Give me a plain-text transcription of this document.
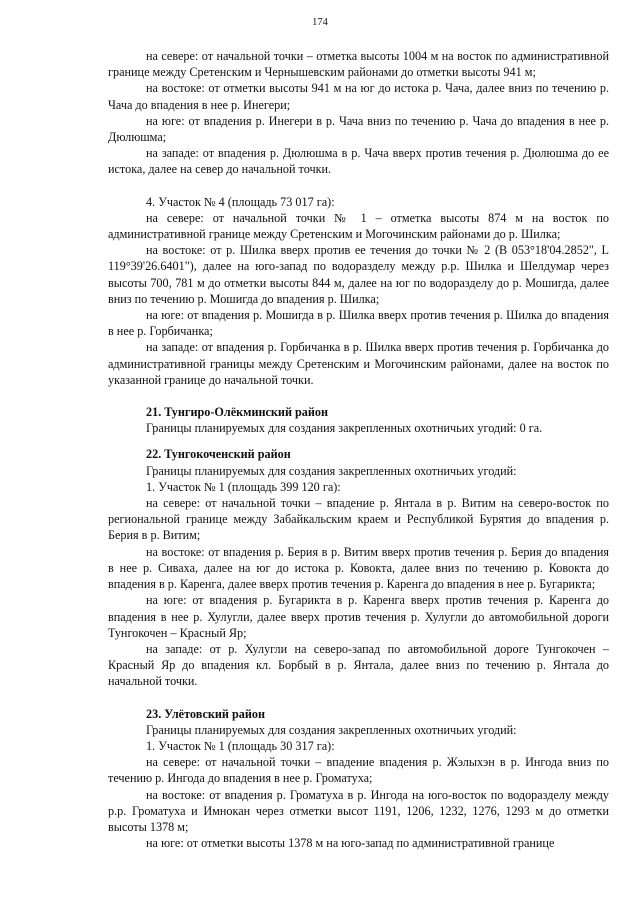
174

на севере: от начальной точки – отметка высоты 1004 м на восток по административной границе между Сретенским и Чернышевским районами до отметки высоты 941 м;

на востоке: от отметки высоты 941 м на юг до истока р. Чача, далее вниз по течению р. Чача до впадения в нее р. Инегери;

на юге: от впадения р. Инегери в р. Чача вниз по течению р. Чача до впадения в нее р. Дюлюшма;

на западе: от впадения р. Дюлюшма в р. Чача вверх против течения р. Дюлюшма до ее истока, далее на север до начальной точки.

4. Участок № 4 (площадь 73 017 га):

на севере: от начальной точки № 1 – отметка высоты 874 м на восток по административной границе между Сретенским и Могочинским районами до р. Шилка;

на востоке: от р. Шилка вверх против ее течения до точки № 2 (B 053°18'04.2852", L 119°39'26.6401"), далее на юго-запад по водоразделу между р.р. Шилка и Шелдумар через высоты 700, 781 м до отметки высоты 844 м, далее на юг по водоразделу до р. Мошигда, далее вниз по течению р. Мошигда до впадения р. Шилка;

на юге: от впадения р. Мошигда в р. Шилка вверх против течения р. Шилка до впадения в нее р. Горбичанка;

на западе: от впадения р. Горбичанка в р. Шилка вверх против течения р. Горбичанка до административной границы между Сретенским и Могочинским районами, далее на восток по указанной границе до начальной точки.

21. Тунгиро-Олёкминский район

Границы планируемых для создания закрепленных охотничьих угодий: 0 га.

22. Тунгокоченский район

Границы планируемых для создания закрепленных охотничьих угодий:

1. Участок № 1 (площадь 399 120 га):

на севере: от начальной точки – впадение р. Янтала в р. Витим на северо-восток по региональной границе между Забайкальским краем и Республикой Бурятия до впадения р. Берия в р. Витим;

на востоке: от впадения р. Берия в р. Витим вверх против течения р. Берия до впадения в нее р. Сиваха, далее на юг до истока р. Ковокта, далее вниз по течению р. Ковокта до впадения в р. Каренга, далее вверх против течения р. Каренга до впадения в нее р. Бугарикта;

на юге: от впадения р. Бугарикта в р. Каренга вверх против течения р. Каренга до впадения в нее р. Хулугли, далее вверх против течения р. Хулугли до автомобильной дороги Тунгокочен – Красный Яр;

на западе: от р. Хулугли на северо-запад по автомобильной дороге Тунгокочен – Красный Яр до впадения кл. Борбый в р. Янтала, далее вниз по течению р. Янтала до начальной точки.

23. Улётовский район

Границы планируемых для создания закрепленных охотничьих угодий:

1. Участок № 1 (площадь 30 317 га):

на севере: от начальной точки – впадение впадения р. Жэлыхэн в р. Ингода вниз по течению р. Ингода до впадения в нее р. Громатуха;

на востоке: от впадения р. Громатуха в р. Ингода на юго-восток по водоразделу между р.р. Громатуха и Имнокан через отметки высот 1191, 1206, 1232, 1276, 1293 м до отметки высоты 1378 м;

на юге: от отметки высоты 1378 м на юго-запад по административной границе
